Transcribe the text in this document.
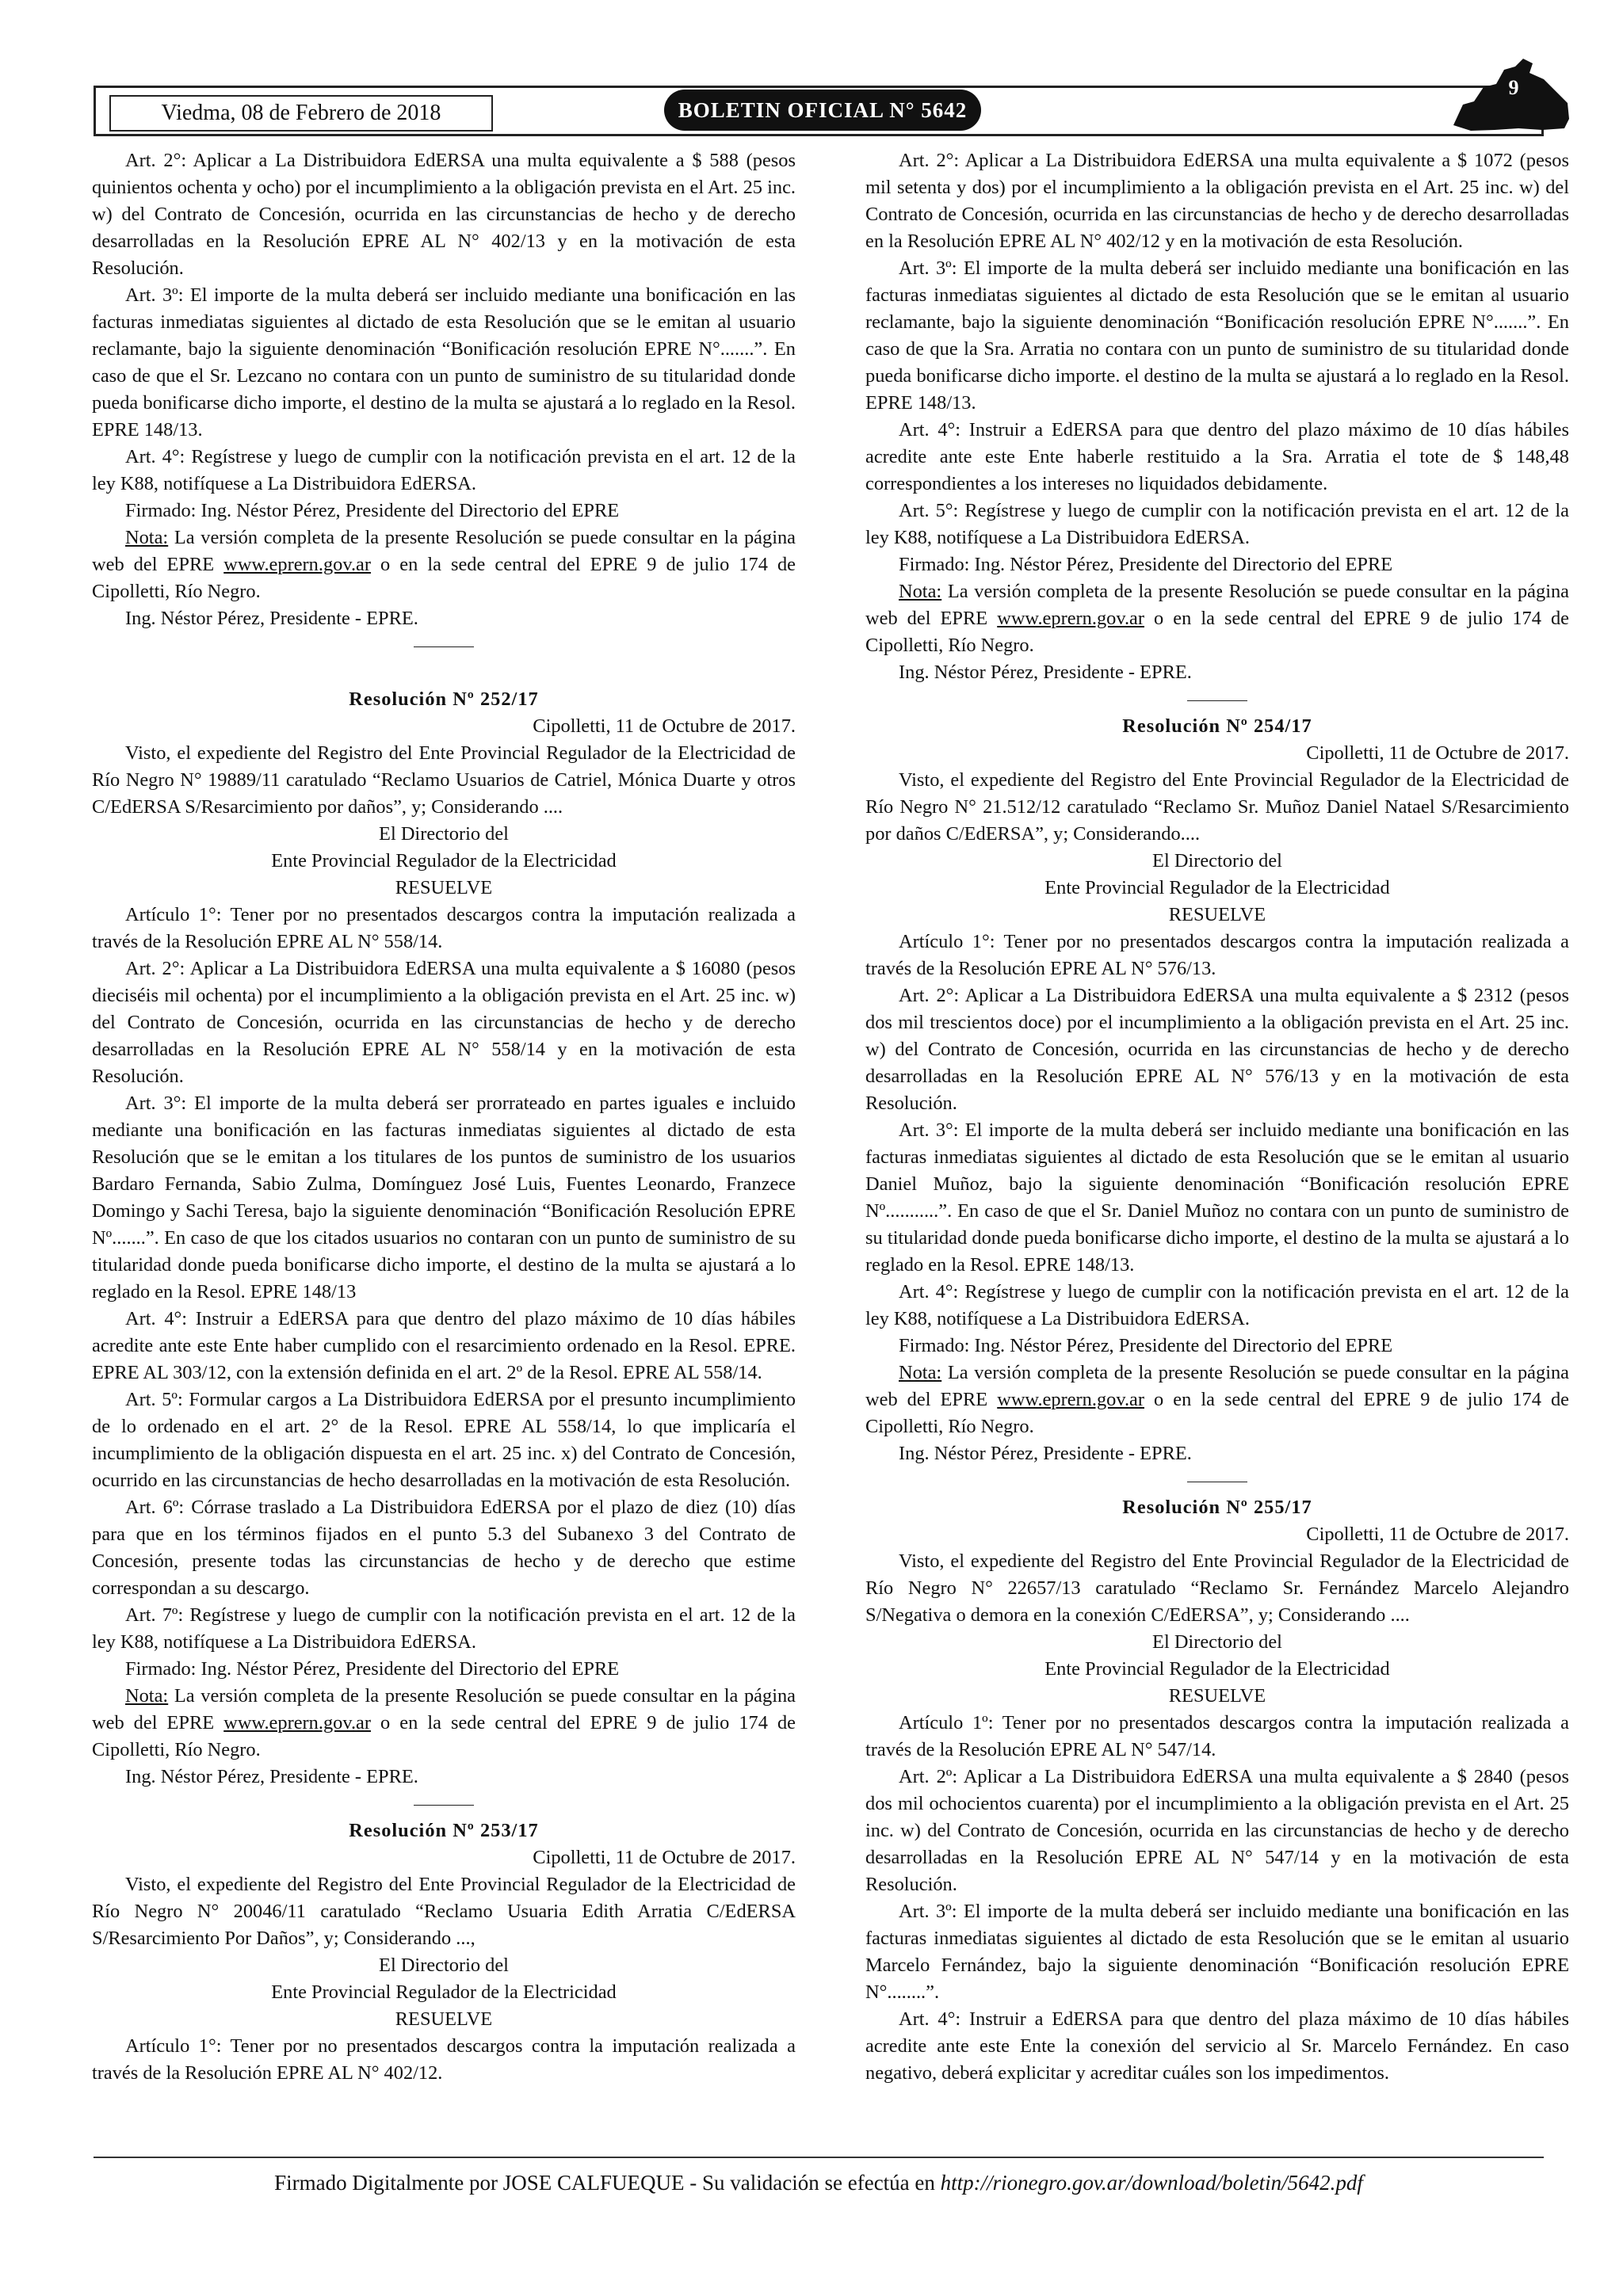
Viedma, 08 de Febrero de 2018	BOLETIN OFICIAL N° 5642
9

Art. 2°: Aplicar a La Distribuidora EdERSA una multa equivalente a $ 588 (pesos quinientos ochenta y ocho) por el incumplimiento a la obligación prevista en el Art. 25 inc. w) del Contrato de Concesión, ocurrida en las circunstancias de hecho y de derecho desarrolladas en la Resolución EPRE AL N° 402/13 y en la motivación de esta Resolución.

Art. 3º: El importe de la multa deberá ser incluido mediante una bonificación en las facturas inmediatas siguientes al dictado de esta Resolución que se le emitan al usuario reclamante, bajo la siguiente denominación “Bonificación resolución EPRE N°.......”. En caso de que el Sr. Lezcano no contara con un punto de suministro de su titularidad donde pueda bonificarse dicho importe, el destino de la multa se ajustará a lo reglado en la Resol. EPRE 148/13.

Art. 4°: Regístrese y luego de cumplir con la notificación prevista en el art. 12 de la ley K88, notifíquese a La Distribuidora EdERSA.

Firmado: Ing. Néstor Pérez, Presidente del Directorio del EPRE

Nota: La versión completa de la presente Resolución se puede consultar en la página web del EPRE www.eprern.gov.ar o en la sede central del EPRE 9 de julio 174 de Cipolletti, Río Negro.

Ing. Néstor Pérez, Presidente - EPRE.

Resolución Nº 252/17

Cipolletti, 11 de Octubre de 2017.

Visto, el expediente del Registro del Ente Provincial Regulador de la Electricidad de Río Negro N° 19889/11 caratulado “Reclamo Usuarios de Catriel, Mónica Duarte y otros C/EdERSA S/Resarcimiento por daños”, y; Considerando ....

El Directorio del

Ente Provincial Regulador de la Electricidad

RESUELVE

Artículo 1°: Tener por no presentados descargos contra la imputación realizada a través de la Resolución EPRE AL N° 558/14.

Art. 2°: Aplicar a La Distribuidora EdERSA una multa equivalente a $ 16080 (pesos dieciséis mil ochenta) por el incumplimiento a la obligación prevista en el Art. 25 inc. w) del Contrato de Concesión, ocurrida en las circunstancias de hecho y de derecho desarrolladas en la Resolución EPRE AL N° 558/14 y en la motivación de esta Resolución.

Art. 3°: El importe de la multa deberá ser prorrateado en partes iguales e incluido mediante una bonificación en las facturas inmediatas siguientes al dictado de esta Resolución que se le emitan a los titulares de los puntos de suministro de los usuarios Bardaro Fernanda, Sabio Zulma, Domínguez José Luis, Fuentes Leonardo, Franzece Domingo y Sachi Teresa, bajo la siguiente denominación “Bonificación Resolución EPRE Nº.......”. En caso de que los citados usuarios no contaran con un punto de suministro de su titularidad donde pueda bonificarse dicho importe, el destino de la multa se ajustará a lo reglado en la Resol. EPRE 148/13

Art. 4°: Instruir a EdERSA para que dentro del plazo máximo de 10 días hábiles acredite ante este Ente haber cumplido con el resarcimiento ordenado en la Resol. EPRE. EPRE AL 303/12, con la extensión definida en el art. 2º de la Resol. EPRE AL 558/14.

Art. 5º: Formular cargos a La Distribuidora EdERSA por el presunto incumplimiento de lo ordenado en el art. 2° de la Resol. EPRE AL 558/14, lo que implicaría el incumplimiento de la obligación dispuesta en el art. 25 inc. x) del Contrato de Concesión, ocurrido en las circunstancias de hecho desarrolladas en la motivación de esta Resolución.

Art. 6º: Córrase traslado a La Distribuidora EdERSA por el plazo de diez (10) días para que en los términos fijados en el punto 5.3 del Subanexo 3 del Contrato de Concesión, presente todas las circunstancias de hecho y de derecho que estime correspondan a su descargo.

Art. 7º: Regístrese y luego de cumplir con la notificación prevista en el art. 12 de la ley K88, notifíquese a La Distribuidora EdERSA.

Firmado: Ing. Néstor Pérez, Presidente del Directorio del EPRE

Nota: La versión completa de la presente Resolución se puede consultar en la página web del EPRE www.eprern.gov.ar o en la sede central del EPRE 9 de julio 174 de Cipolletti, Río Negro.

Ing. Néstor Pérez, Presidente - EPRE.

Resolución Nº 253/17

Cipolletti, 11 de Octubre de 2017.

Visto, el expediente del Registro del Ente Provincial Regulador de la Electricidad de Río Negro N° 20046/11 caratulado “Reclamo Usuaria Edith Arratia C/EdERSA S/Resarcimiento Por Daños”, y; Considerando ...,

El Directorio del

Ente Provincial Regulador de la Electricidad

RESUELVE

Artículo 1°: Tener por no presentados descargos contra la imputación realizada a través de la Resolución EPRE AL N° 402/12.

Art. 2°: Aplicar a La Distribuidora EdERSA una multa equivalente a $ 1072 (pesos mil setenta y dos) por el incumplimiento a la obligación prevista en el Art. 25 inc. w) del Contrato de Concesión, ocurrida en las circunstancias de hecho y de derecho desarrolladas en la Resolución EPRE AL N° 402/12 y en la motivación de esta Resolución.

Art. 3º: El importe de la multa deberá ser incluido mediante una bonificación en las facturas inmediatas siguientes al dictado de esta Resolución que se le emitan al usuario reclamante, bajo la siguiente denominación “Bonificación resolución EPRE N°.......”. En caso de que la Sra. Arratia no contara con un punto de suministro de su titularidad donde pueda bonificarse dicho importe. el destino de la multa se ajustará a lo reglado en la Resol. EPRE 148/13.

Art. 4°: Instruir a EdERSA para que dentro del plazo máximo de 10 días hábiles acredite ante este Ente haberle restituido a la Sra. Arratia el tote de $ 148,48 correspondientes a los intereses no liquidados debidamente.

Art. 5°: Regístrese y luego de cumplir con la notificación prevista en el art. 12 de la ley K88, notifíquese a La Distribuidora EdERSA.

Firmado: Ing. Néstor Pérez, Presidente del Directorio del EPRE

Nota: La versión completa de la presente Resolución se puede consultar en la página web del EPRE www.eprern.gov.ar o en la sede central del EPRE 9 de julio 174 de Cipolletti, Río Negro.

Ing. Néstor Pérez, Presidente - EPRE.

Resolución Nº 254/17

Cipolletti, 11 de Octubre de 2017.

Visto, el expediente del Registro del Ente Provincial Regulador de la Electricidad de Río Negro N° 21.512/12 caratulado “Reclamo Sr. Muñoz Daniel Natael S/Resarcimiento por daños C/EdERSA”, y; Considerando....

El Directorio del

Ente Provincial Regulador de la Electricidad

RESUELVE

Artículo 1°: Tener por no presentados descargos contra la imputación realizada a través de la Resolución EPRE AL N° 576/13.

Art. 2°: Aplicar a La Distribuidora EdERSA una multa equivalente a $ 2312 (pesos dos mil trescientos doce) por el incumplimiento a la obligación prevista en el Art. 25 inc. w) del Contrato de Concesión, ocurrida en las circunstancias de hecho y de derecho desarrolladas en la Resolución EPRE AL N° 576/13 y en la motivación de esta Resolución.

Art. 3°: El importe de la multa deberá ser incluido mediante una bonificación en las facturas inmediatas siguientes al dictado de esta Resolución que se le emitan al usuario Daniel Muñoz, bajo la siguiente denominación “Bonificación resolución EPRE Nº...........”. En caso de que el Sr. Daniel Muñoz no contara con un punto de suministro de su titularidad donde pueda bonificarse dicho importe, el destino de la multa se ajustará a lo reglado en la Resol. EPRE 148/13.

Art. 4°: Regístrese y luego de cumplir con la notificación prevista en el art. 12 de la ley K88, notifíquese a La Distribuidora EdERSA.

Firmado: Ing. Néstor Pérez, Presidente del Directorio del EPRE

Nota: La versión completa de la presente Resolución se puede consultar en la página web del EPRE www.eprern.gov.ar o en la sede central del EPRE 9 de julio 174 de Cipolletti, Río Negro.

Ing. Néstor Pérez, Presidente - EPRE.

Resolución Nº 255/17

Cipolletti, 11 de Octubre de 2017.

Visto, el expediente del Registro del Ente Provincial Regulador de la Electricidad de Río Negro N° 22657/13 caratulado “Reclamo Sr. Fernández Marcelo Alejandro S/Negativa o demora en la conexión C/EdERSA”, y; Considerando ....

El Directorio del

Ente Provincial Regulador de la Electricidad

RESUELVE

Artículo 1º: Tener por no presentados descargos contra la imputación realizada a través de la Resolución EPRE AL N° 547/14.

Art. 2º: Aplicar a La Distribuidora EdERSA una multa equivalente a $ 2840 (pesos dos mil ochocientos cuarenta) por el incumplimiento a la obligación prevista en el Art. 25 inc. w) del Contrato de Concesión, ocurrida en las circunstancias de hecho y de derecho desarrolladas en la Resolución EPRE AL N° 547/14 y en la motivación de esta Resolución.

Art. 3º: El importe de la multa deberá ser incluido mediante una bonificación en las facturas inmediatas siguientes al dictado de esta Resolución que se le emitan al usuario Marcelo Fernández, bajo la siguiente denominación “Bonificación resolución EPRE N°........”.

Art. 4°: Instruir a EdERSA para que dentro del plaza máximo de 10 días hábiles acredite ante este Ente la conexión del servicio al Sr. Marcelo Fernández. En caso negativo, deberá explicitar y acreditar cuáles son los impedimentos.

Firmado Digitalmente por JOSE CALFUEQUE - Su validación se efectúa en http://rionegro.gov.ar/download/boletin/5642.pdf
